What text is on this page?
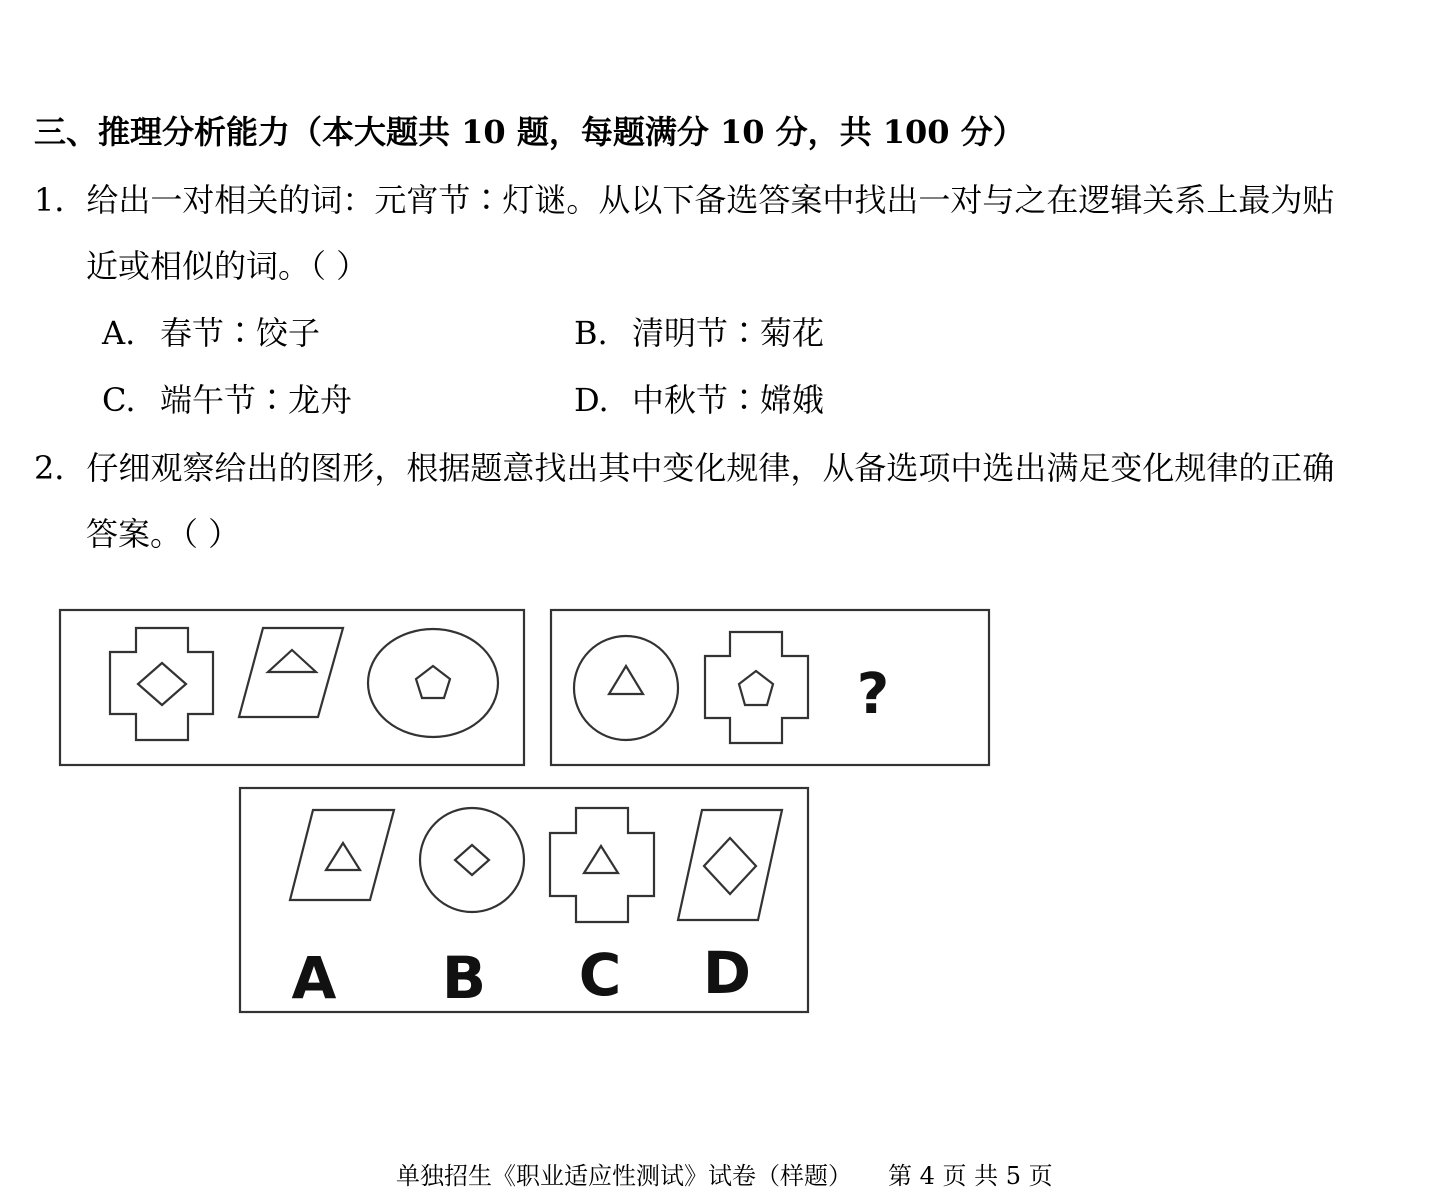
三、推理分析能力（本大题共 10 题，每题满分 10 分，共 100 分）
1．给出一对相关的词：元宵节∶灯谜。从以下备选答案中找出一对与之在逻辑关系上最为贴
近或相似的词。（ ）
A. 春节∶饺子	B. 清明节∶菊花
C. 端午节∶龙舟	D. 中秋节∶嫦娥
2．仔细观察给出的图形，根据题意找出其中变化规律，从备选项中选出满足变化规律的正确
答案。（ ）
?
A B C D
单独招生《职业适应性测试》试卷（样题） 第 4 页 共 5 页
